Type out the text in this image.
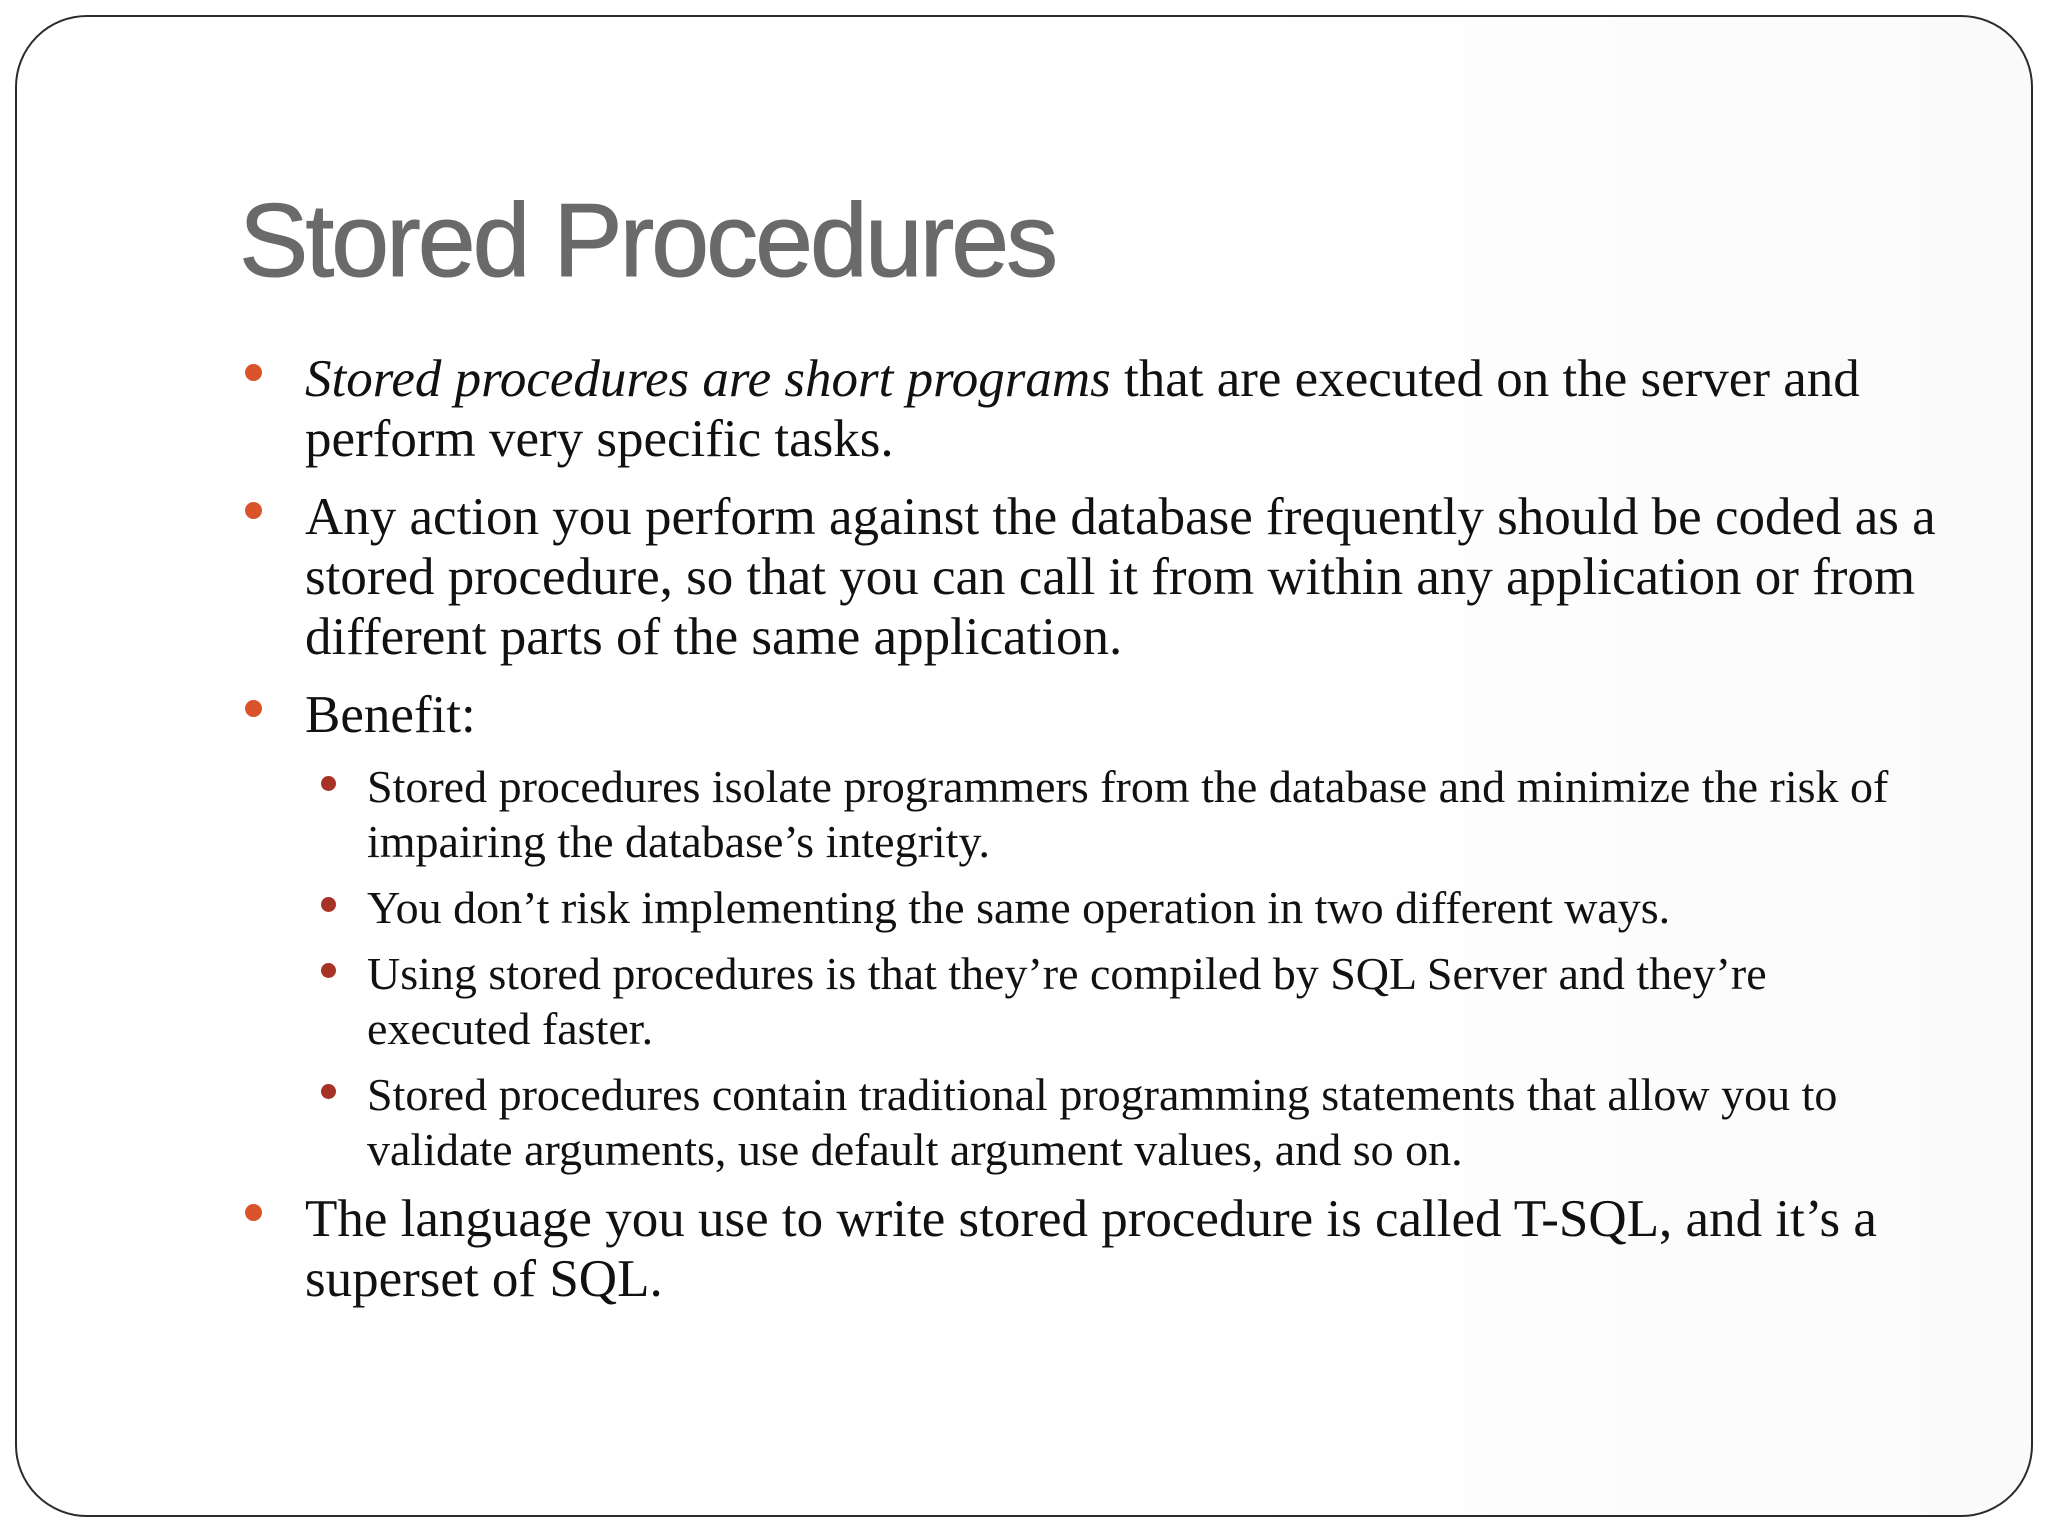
Stored Procedures
Stored procedures are short programs that are executed on the server and perform very specific tasks.
Any action you perform against the database frequently should be coded as a stored procedure, so that you can call it from within any application or from different parts of the same application.
Benefit:
Stored procedures isolate programmers from the database and minimize the risk of impairing the database’s integrity.
You don’t risk implementing the same operation in two different ways.
Using stored procedures is that they’re compiled by SQL Server and they’re executed faster.
Stored procedures contain traditional programming statements that allow you to validate arguments, use default argument values, and so on.
The language you use to write stored procedure is called T-SQL, and it’s a superset of SQL.
